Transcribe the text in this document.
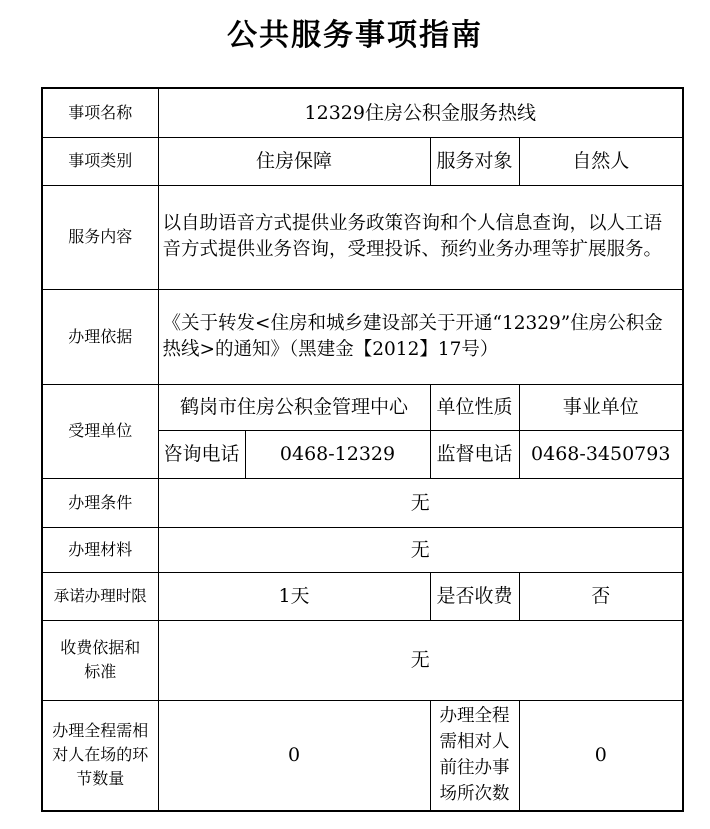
公共服务事项指南
事项名称	12329住房公积金服务热线			
事项类别	住房保障		服务对象	自然人
服务内容	以自助语音方式提供业务政策咨询和个人信息查询，以人工语音方式提供业务咨询，受理投诉、预约业务办理等扩展服务。			
办理依据	《关于转发<住房和城乡建设部关于开通“12329”住房公积金热线>的通知》（黑建金【2012】17号）			
受理单位	鹤岗市住房公积金管理中心		单位性质	事业单位
	咨询电话	0468-12329	监督电话	0468-3450793
办理条件	无			
办理材料	无			
承诺办理时限	1天		是否收费	否
收费依据和标准	无			
办理全程需相对人在场的环节数量	0		办理全程需相对人前往办事场所次数	0
